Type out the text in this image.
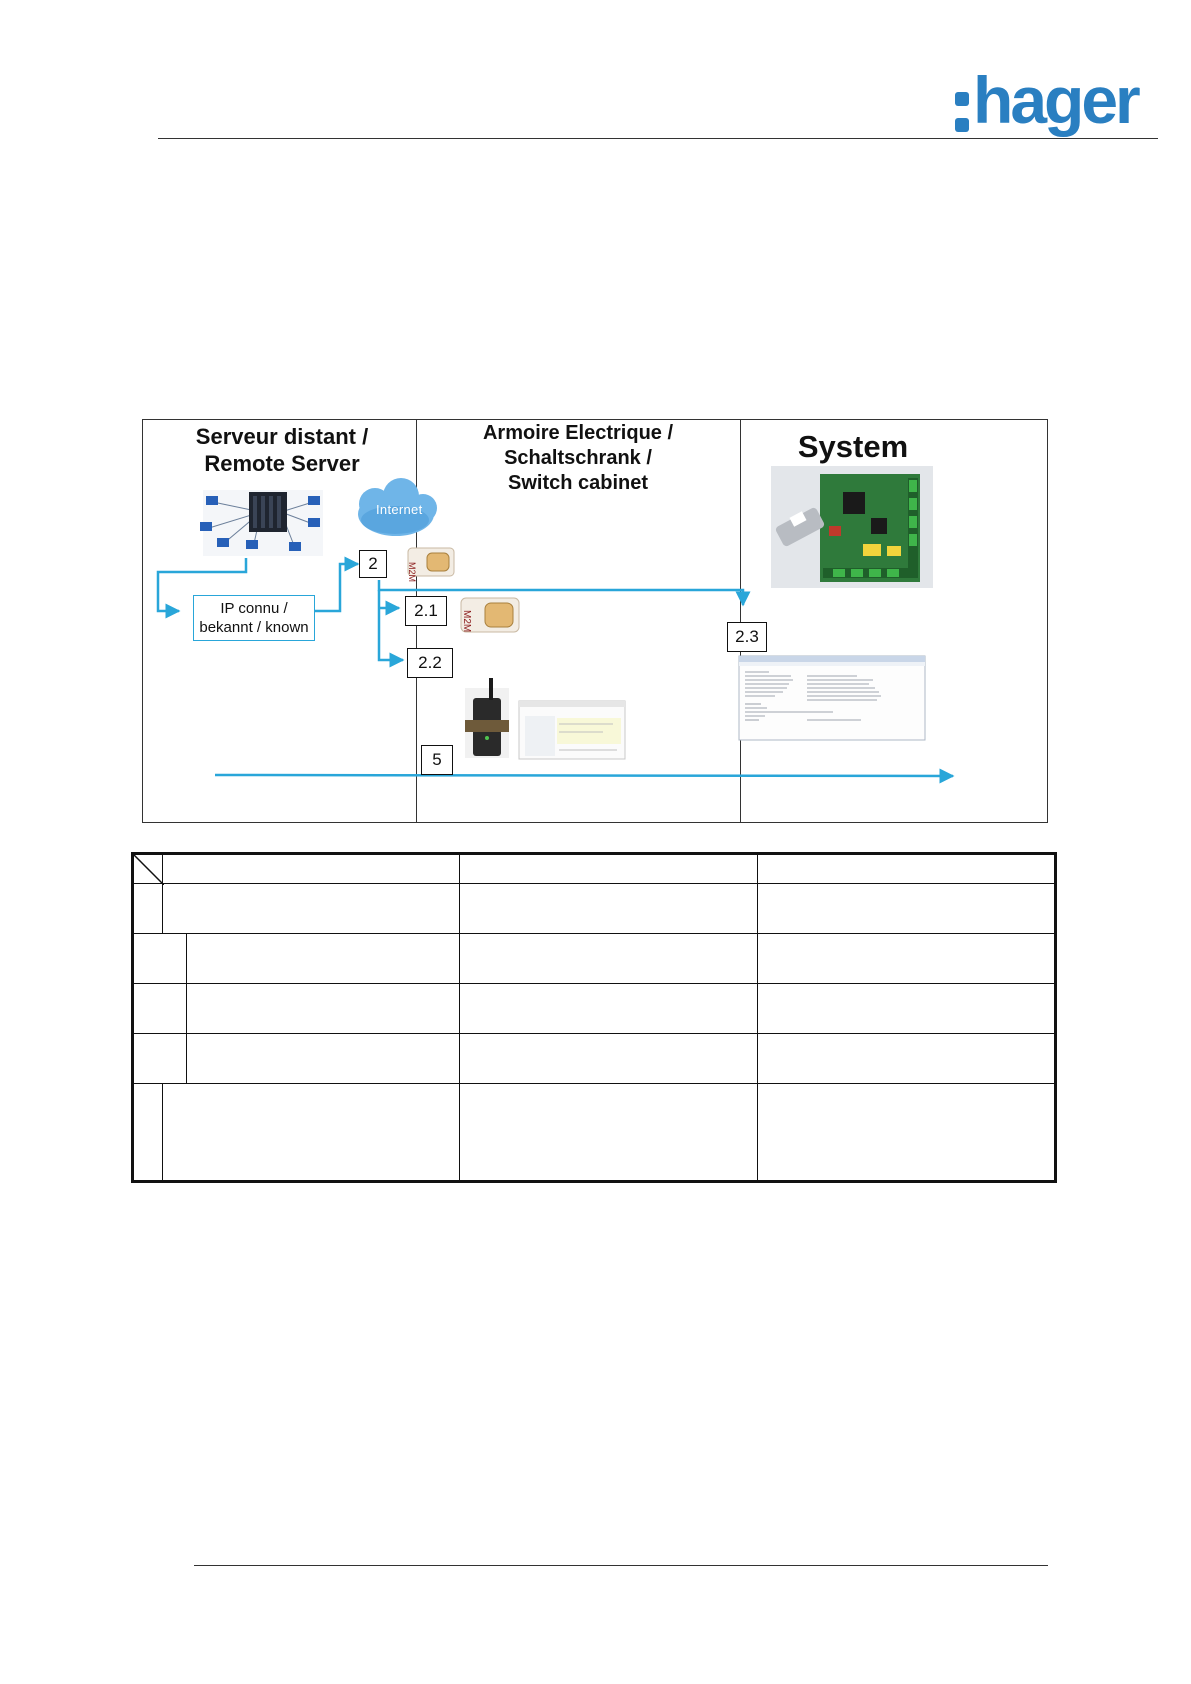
hager
Serveur distant /
Remote Server
Armoire Electrique /
Schaltschrank /
Switch cabinet
System
M2M
M2M
Internet
IP connu /
bekannt / known
2
2.1
2.2
2.3
5
